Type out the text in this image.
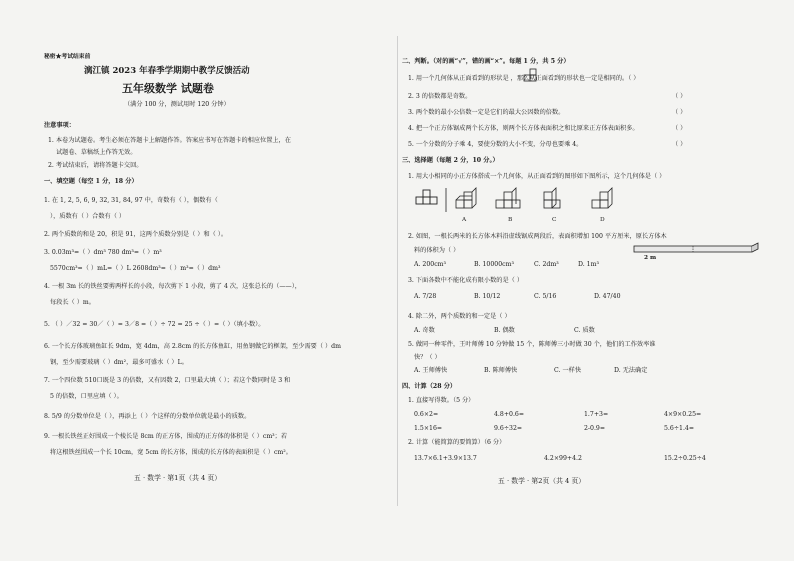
秘密★考试结束前
漓江镇 2023 年春季学期期中教学反馈活动
五年级数学 试题卷
（满分 100 分，测试用时 120 分钟）
注意事项：
1. 本卷为试题卷。考生必须在答题卡上解题作答。答案应书写在答题卡的相应位置上，在
试题卷、草稿纸上作答无效。
2. 考试结束后，请将答题卡交回。
一、填空题（每空 1 分，18 分）
1. 在 1, 2, 5, 6, 9, 32, 31, 84, 97 中，奇数有（ ），偶数有（
），质数有（ ）合数有（ ）
2. 两个质数的和是 20，积是 91，这两个质数分别是（ ）和（ ）。
3. 0.03m³=（ ）dm³ 780 dm³=（ ）m³
5570cm³=（ ）mL=（ ）L 2608dm³=（ ）m³=（ ）dm³
4. 一根 3m 长的铁丝要剪两样长的小段，每次剪下 1 小段，剪了 4 次，这张总长的（——），
每段长（ ）m。
5. （ ）／32 = 30／（ ）= 3／8 =（ ）÷ 72 = 25 ÷（ ）=（ ）（填小数）。
6. 一个长方体玻璃鱼缸长 9dm，宽 4dm，高 2.8cm 的长方体鱼缸，用鱼钢做它的框架，至少需要（ ）dm
钢，至少需要玻璃（ ）dm²，最多可盛水（ ）L。
7. 一个四位数 510口既是 3 的倍数，又有因数 2，口里最大填（ ）；若这个数同时是 3 和
5 的倍数，口里应填（ ）。
8. 5/9 的分数单位是（ ），再添上（ ）个这样的分数单位就是最小的质数。
9. 一根长铁丝正好围成一个棱长是 8cm 的正方体，围成的正方体的体积是（ ）cm³；若
将这根铁丝围成一个长 10cm，宽 5cm 的长方体，围成的长方体的表面积是（ ）cm²。
五 · 数学 · 第1页（共 4 页）
二、判断。（对的画“√”，错的画“×”。每题 1 分，共 5 分）
1. 用一个几何体从正面看到的形状是 ，那么从正面看到的形状也一定是相同的。（ ）
2. 3 的倍数都是奇数。	（ ）
3. 两个数的最小公倍数一定是它们的最大公因数的倍数。	（ ）
4. 把一个正方体锯成两个长方体，则两个长方体表面积之和比原来正方体表面积多。	（ ）
5. 一个分数的分子乘 4，要使分数的大小不变，分母也要乘 4。	（ ）
三、选择题（每题 2 分，10 分。）
1. 用大小相同的小正方体搭成一个几何体，从正面看到的图形如下图所示，这个几何体是（ ）
A	B	C	D
2. 如图，一根长两米的长方体木料沿虚线锯成两段后，表面积增加 100 平方厘米，原长方体木
料的体积为（ ）
2 m
A. 200cm³	B. 10000cm³	C. 2dm³	D. 1m³
3. 下面各数中不能化成有限小数的是（ ）
A. 7/28	B. 10/12	C. 5/16	D. 47/40
4. 除二外，两个质数的和一定是（ ）
A. 奇数	B. 偶数	C. 质数
5. 做同一种零件，王叶师傅 10 分钟做 15 个，陈师傅三小时做 30 个，他们的工作效率谁
快？（ ）
A. 王师傅快	B. 陈师傅快	C. 一样快	D. 无法确定
四、计算（28 分）
1. 直接写得数。（5 分）
0.6×2=	4.8+0.6=	1.7+3=	4×9×0.25=
1.5×16=	9.6÷32=	2-0.9=	5.6÷1.4=
2. 计算（能简算的要简算）（6 分）
13.7×6.1+3.9×13.7	4.2×99+4.2	15.2÷0.25÷4
五 · 数学 · 第2页（共 4 页）
